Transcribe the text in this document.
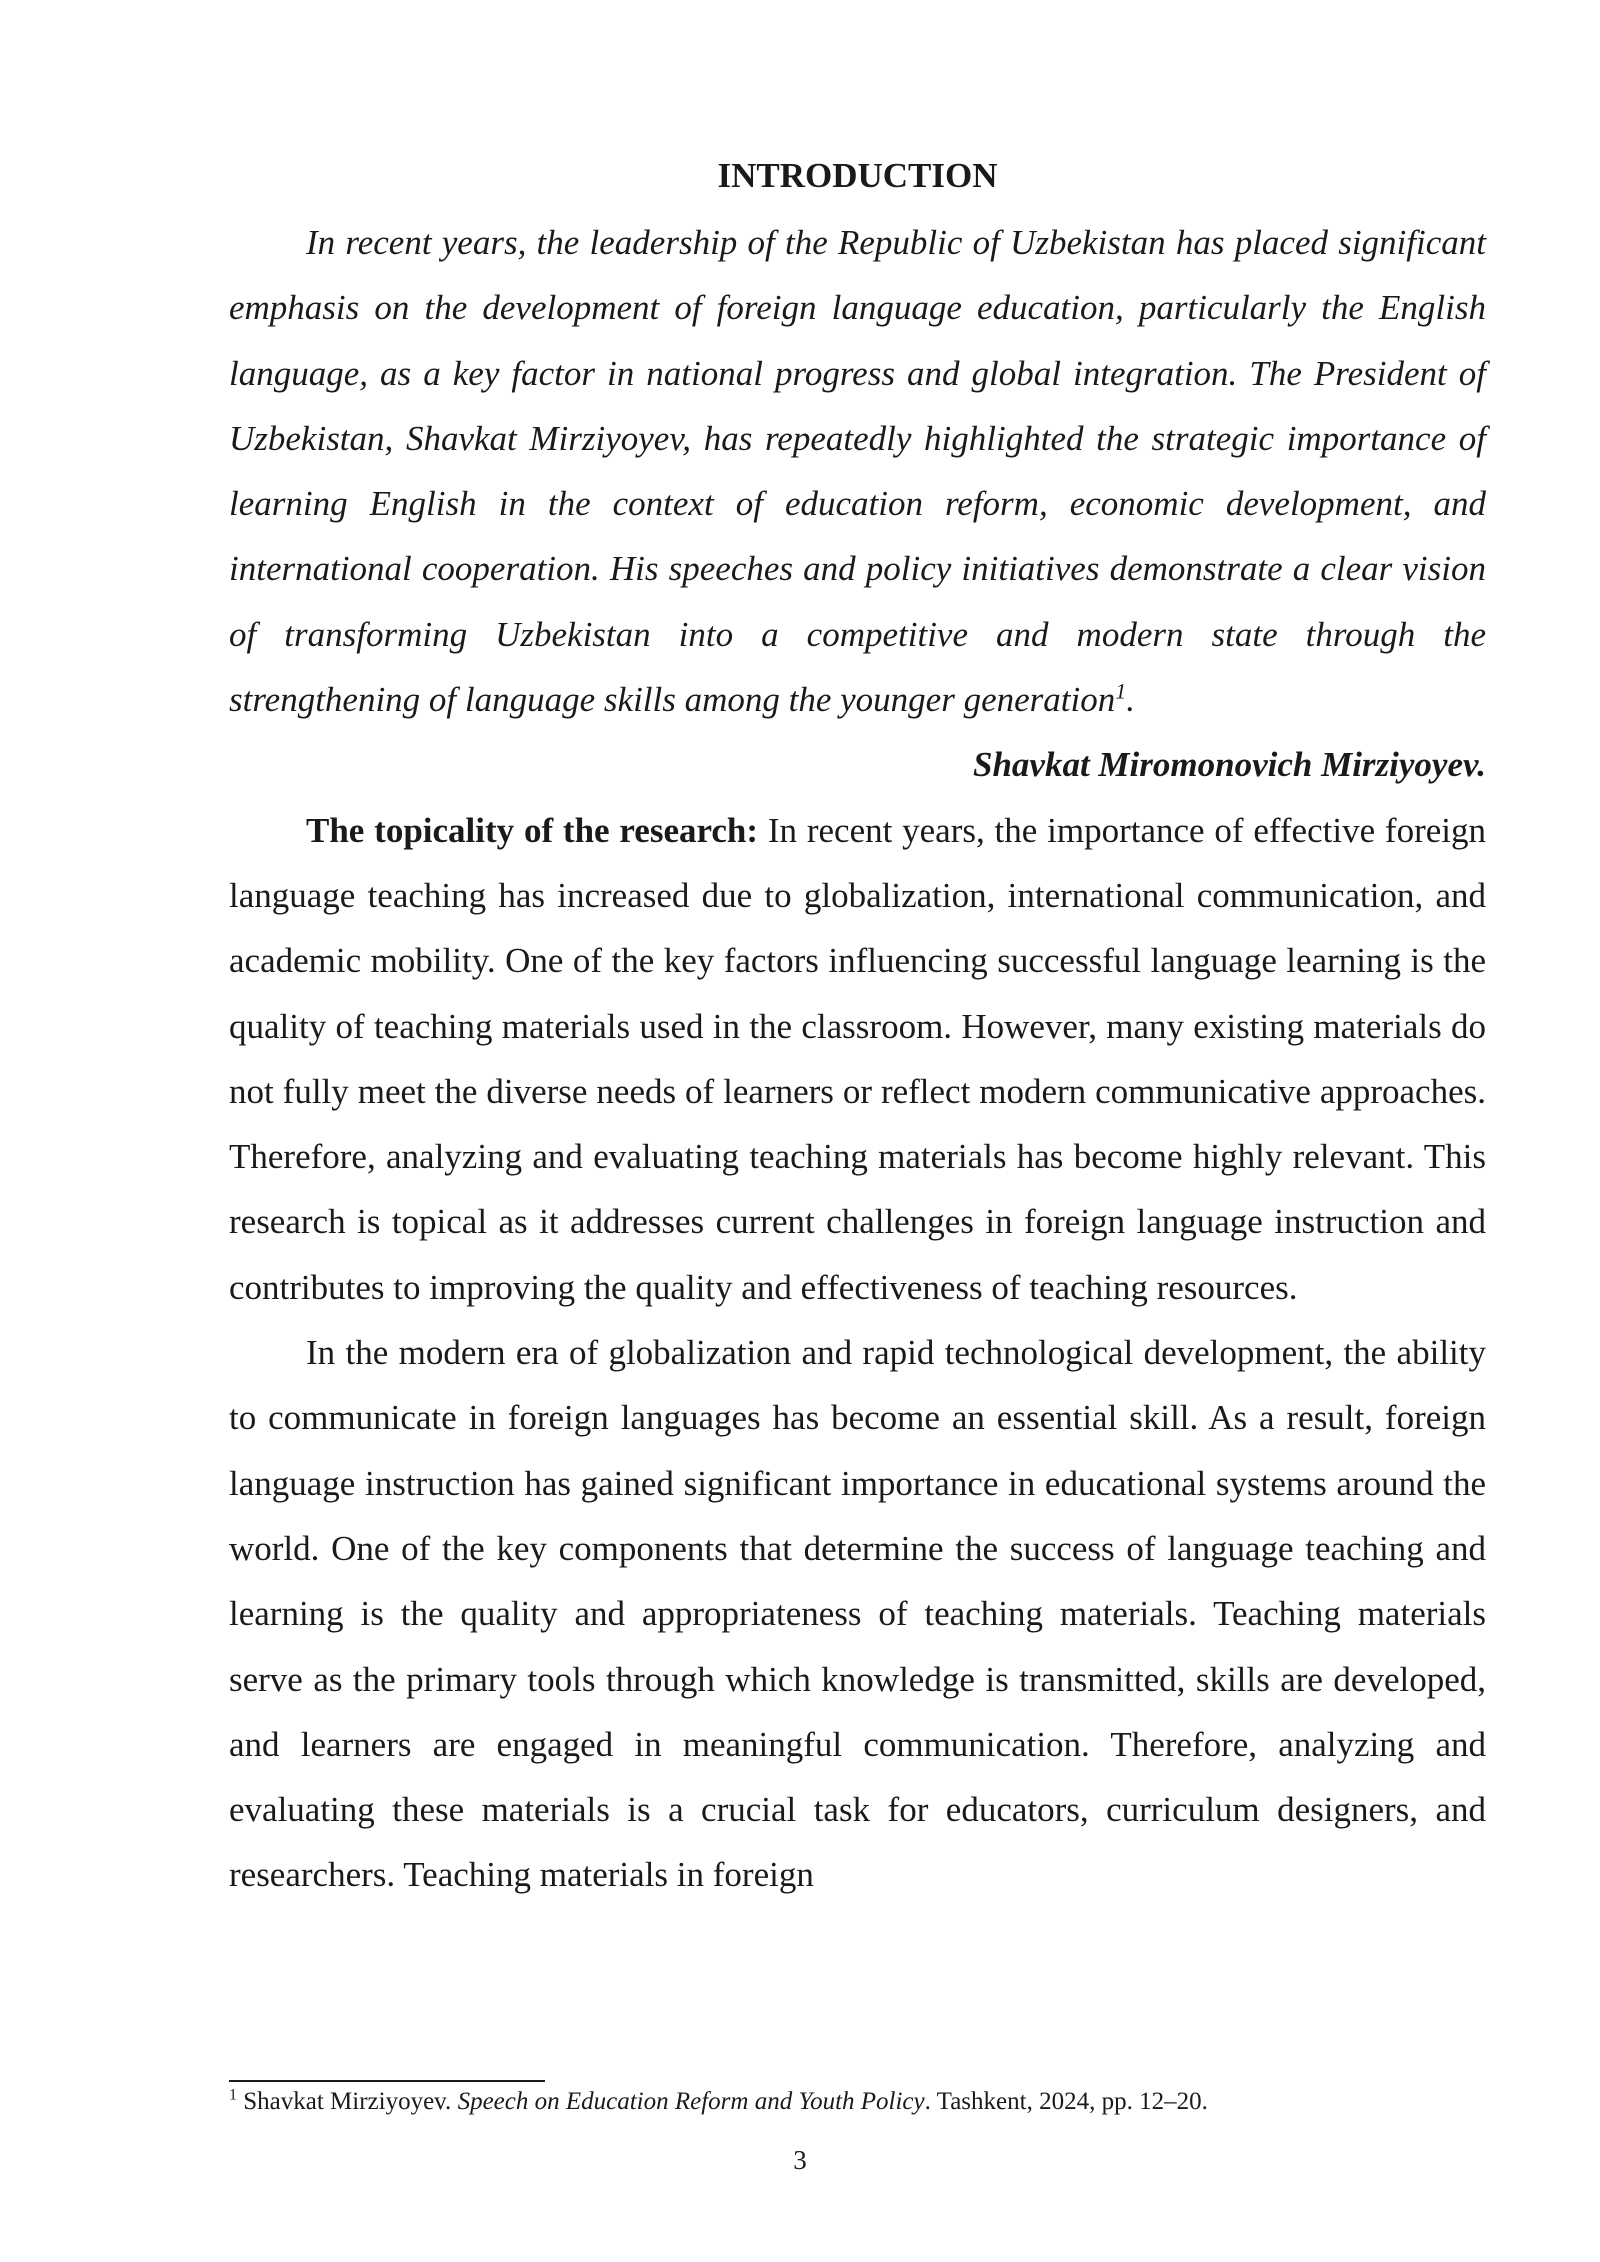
INTRODUCTION

In recent years, the leadership of the Republic of Uzbekistan has placed significant emphasis on the development of foreign language education, particularly the English language, as a key factor in national progress and global integration. The President of Uzbekistan, Shavkat Mirziyoyev, has repeatedly highlighted the strategic importance of learning English in the context of education reform, economic development, and international cooperation. His speeches and policy initiatives demonstrate a clear vision of transforming Uzbekistan into a competitive and modern state through the strengthening of language skills among the younger generation$^1$.

Shavkat Miromonovich Mirziyoyev.

The topicality of the research: In recent years, the importance of effective foreign language teaching has increased due to globalization, international communication, and academic mobility. One of the key factors influencing successful language learning is the quality of teaching materials used in the classroom. However, many existing materials do not fully meet the diverse needs of learners or reflect modern communicative approaches. Therefore, analyzing and evaluating teaching materials has become highly relevant. This research is topical as it addresses current challenges in foreign language instruction and contributes to improving the quality and effectiveness of teaching resources.

In the modern era of globalization and rapid technological development, the ability to communicate in foreign languages has become an essential skill. As a result, foreign language instruction has gained significant importance in educational systems around the world. One of the key components that determine the success of language teaching and learning is the quality and appropriateness of teaching materials. Teaching materials serve as the primary tools through which knowledge is transmitted, skills are developed, and learners are engaged in meaningful communication. Therefore, analyzing and evaluating these materials is a crucial task for educators, curriculum designers, and researchers. Teaching materials in foreign

$^1$ Shavkat Mirziyoyev. Speech on Education Reform and Youth Policy. Tashkent, 2024, pp. 12–20.
3
